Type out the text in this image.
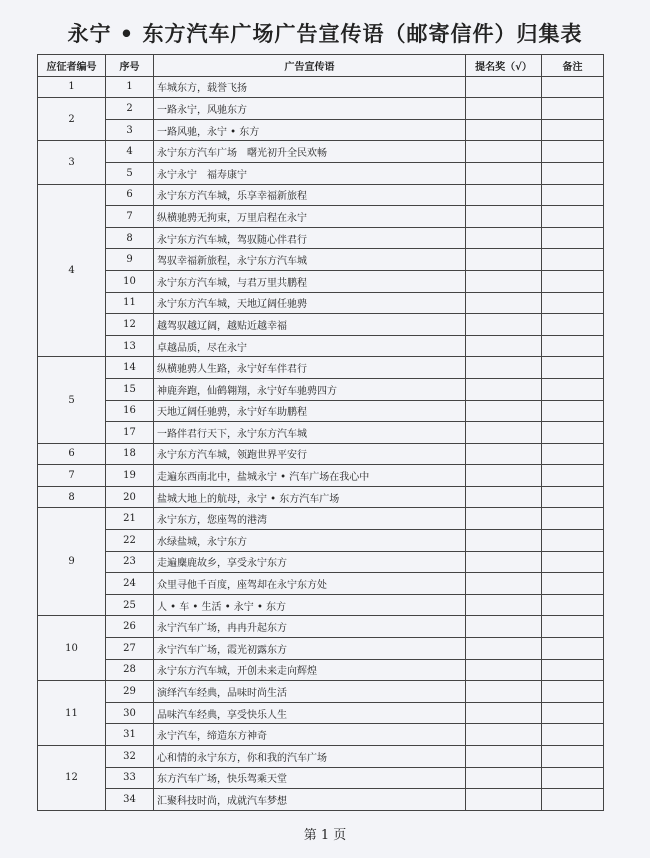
永宁 • 东方汽车广场广告宣传语（邮寄信件）归集表
应征者编号	序号	广告宣传语	提名奖（√）	备注
1	1	车城东方，载誉飞扬		
2	2	一路永宁，风驰东方		
	3	一路风驰，永宁 • 东方		
3	4	永宁东方汽车广场　曙光初升全民欢畅		
	5	永宁永宁　福寿康宁		
4	6	永宁东方汽车城，乐享幸福新旅程		
	7	纵横驰骋无拘束，万里启程在永宁		
	8	永宁东方汽车城，驾驭随心伴君行		
	9	驾驭幸福新旅程，永宁东方汽车城		
	10	永宁东方汽车城，与君万里共鹏程		
	11	永宁东方汽车城，天地辽阔任驰骋		
	12	越驾驭越辽阔，越贴近越幸福		
	13	卓越品质，尽在永宁		
5	14	纵横驰骋人生路，永宁好车伴君行		
	15	神鹿奔跑，仙鹤翱翔，永宁好车驰骋四方		
	16	天地辽阔任驰骋，永宁好车助鹏程		
	17	一路伴君行天下，永宁东方汽车城		
6	18	永宁东方汽车城，领跑世界平安行		
7	19	走遍东西南北中，盐城永宁 • 汽车广场在我心中		
8	20	盐城大地上的航母，永宁 • 东方汽车广场		
9	21	永宁东方，您座驾的港湾		
	22	水绿盐城，永宁东方		
	23	走遍麋鹿故乡，享受永宁东方		
	24	众里寻他千百度，座驾却在永宁东方处		
	25	人 • 车 • 生活 • 永宁 • 东方		
10	26	永宁汽车广场，冉冉升起东方		
	27	永宁汽车广场，霞光初露东方		
	28	永宁东方汽车城，开创未来走向辉煌		
11	29	演绎汽车经典，品味时尚生活		
	30	品味汽车经典，享受快乐人生		
	31	永宁汽车，缔造东方神奇		
12	32	心和情的永宁东方，你和我的汽车广场		
	33	东方汽车广场，快乐驾乘天堂		
	34	汇聚科技时尚，成就汽车梦想		
第 1 页
